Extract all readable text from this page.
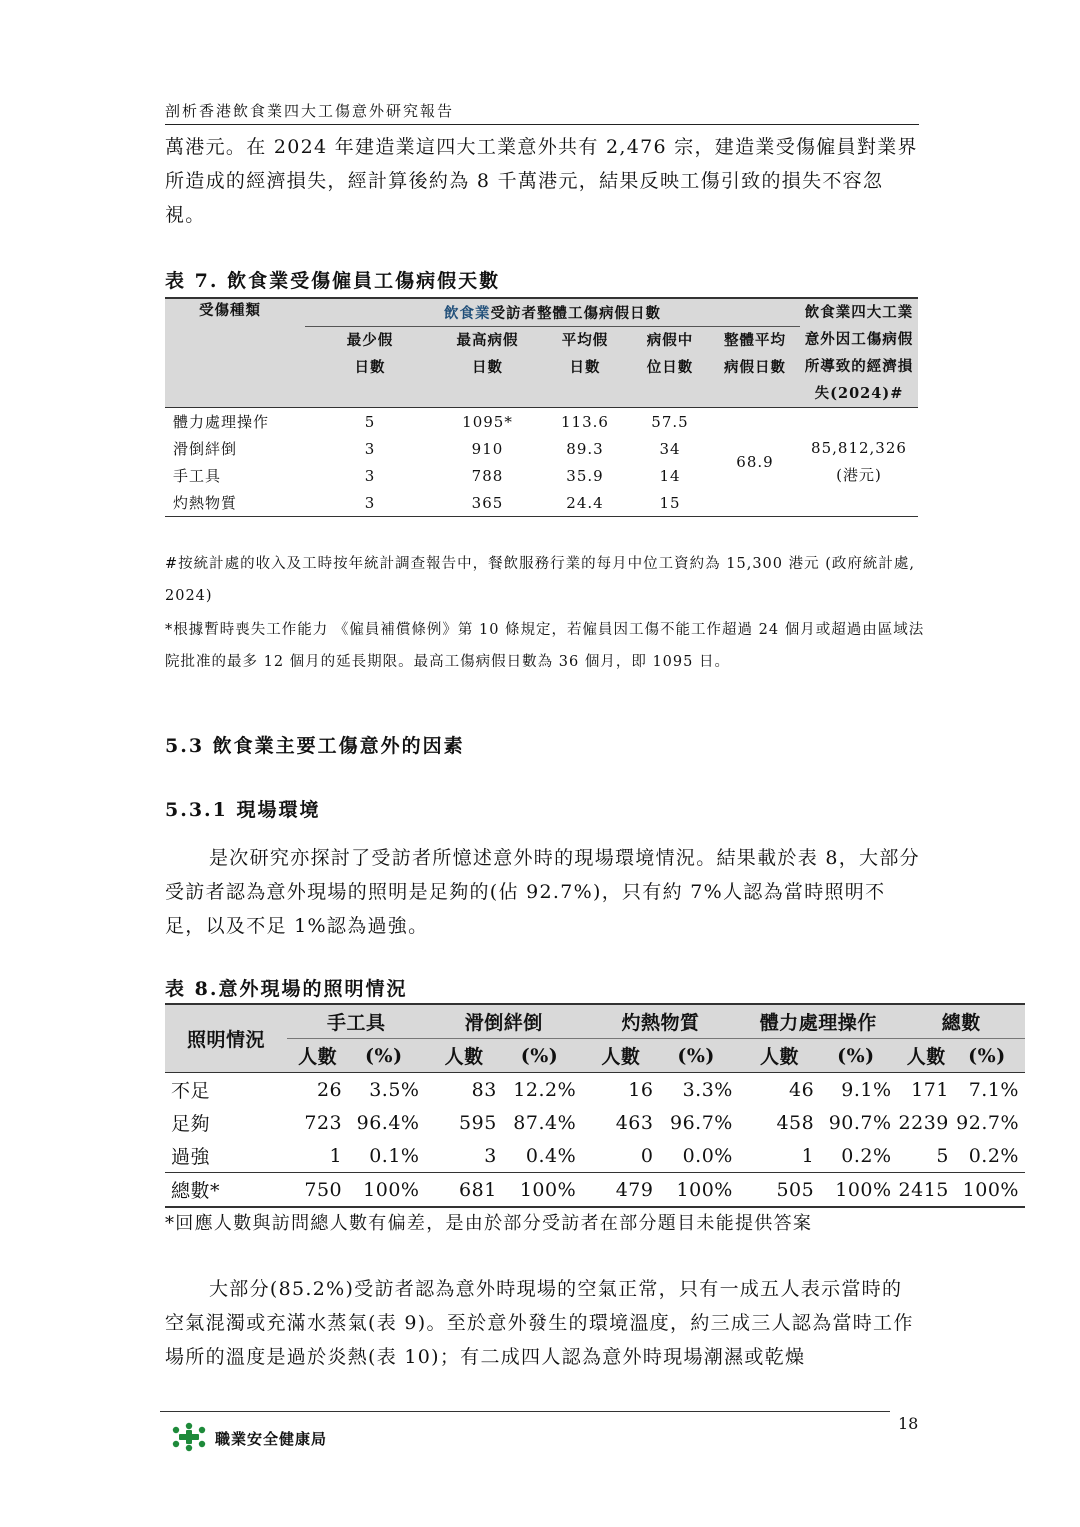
剖析香港飲食業四大工傷意外研究報告

萬港元。在 2024 年建造業這四大工業意外共有 2,476 宗，建造業受傷僱員對業界所造成的經濟損失，經計算後約為 8 千萬港元，結果反映工傷引致的損失不容忽視。

表 7. 飲食業受傷僱員工傷病假天數
受傷種類	飲食業受訪者整體工傷病假日數					飲食業四大工業意外因工傷病假所導致的經濟損失(2024)#
	最少假日數	最高病假日數	平均假日數	病假中位日數	整體平均病假日數	

體力處理操作	5	1095*	113.6	57.5	68.9	85,812,326
(港元)

滑倒絆倒	3	910	89.3	34		
手工具	3	788	35.9	14		
灼熱物質	3	365	24.4	15		

#按統計處的收入及工時按年統計調查報告中，餐飲服務行業的每月中位工資約為 15,300 港元 (政府統計處, 2024)

*根據暫時喪失工作能力 《僱員補償條例》第 10 條規定，若僱員因工傷不能工作超過 24 個月或超過由區域法院批准的最多 12 個月的延長期限。最高工傷病假日數為 36 個月，即 1095 日。

5.3 飲食業主要工傷意外的因素
5.3.1 現場環境

是次研究亦探討了受訪者所憶述意外時的現場環境情況。結果載於表 8，大部分受訪者認為意外現場的照明是足夠的(佔 92.7%)，只有約 7%人認為當時照明不足，以及不足 1%認為過強。

表 8.意外現場的照明情況
照明情況	手工具		滑倒絆倒		灼熱物質		體力處理操作		總數	
	人數	(%)	人數	(%)	人數	(%)	人數	(%)	人數	(%)
不足	26	3.5%	83	12.2%	16	3.3%	46	9.1%	171	7.1%
足夠	723	96.4%	595	87.4%	463	96.7%	458	90.7%	2239	92.7%
過強	1	0.1%	3	0.4%	0	0.0%	1	0.2%	5	0.2%
總數*	750	100%	681	100%	479	100%	505	100%	2415	100%

*回應人數與訪問總人數有偏差，是由於部分受訪者在部分題目未能提供答案

大部分(85.2%)受訪者認為意外時現場的空氣正常，只有一成五人表示當時的空氣混濁或充滿水蒸氣(表 9)。至於意外發生的環境溫度，約三成三人認為當時工作場所的溫度是過於炎熱(表 10)；有二成四人認為意外時現場潮濕或乾燥

18
職業安全健康局
